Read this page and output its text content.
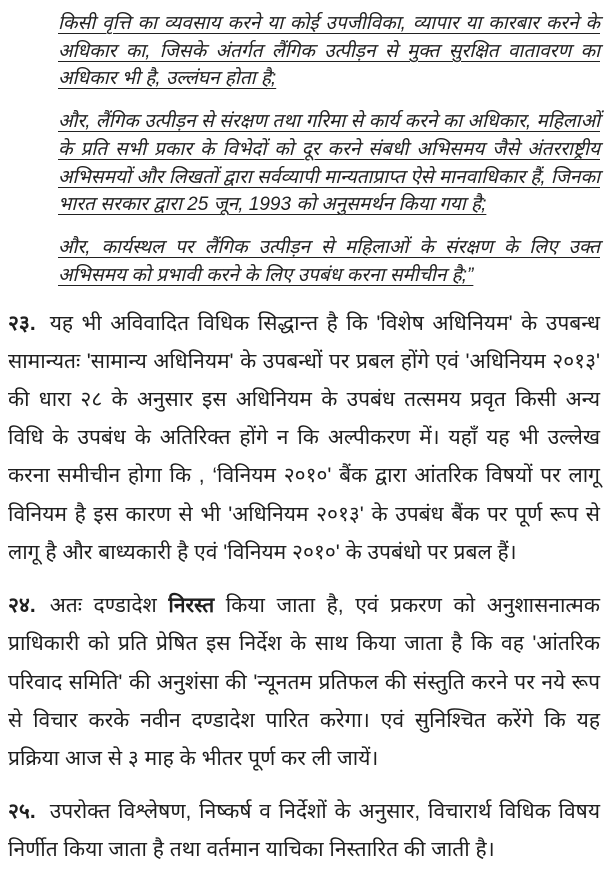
किसी वृत्ति का व्यवसाय करने या कोई उपजीविका, व्यापार या कारबार करने के अधिकार का, जिसके अंतर्गत लैंगिक उत्पीड़न से मुक्त सुरक्षित वातावरण का अधिकार भी है, उल्लंघन होता है;

और, लैंगिक उत्पीड़न से संरक्षण तथा गरिमा से कार्य करने का अधिकार, महिलाओं के प्रति सभी प्रकार के विभेदों को दूर करने संबधी अभिसमय जैसे अंतरराष्ट्रीय अभिसमयों और लिखतों द्वारा सर्वव्यापी मान्यताप्राप्त ऐसे मानवाधिकार हैं, जिनका भारत सरकार द्वारा 25 जून, 1993 को अनुसमर्थन किया गया है;

और, कार्यस्थल पर लैंगिक उत्पीड़न से महिलाओं के संरक्षण के लिए उक्त अभिसमय को प्रभावी करने के लिए उपबंध करना समीचीन है;”

२३. यह भी अविवादित विधिक सिद्धान्त है कि 'विशेष अधिनियम' के उपबन्ध सामान्यतः 'सामान्य अधिनियम' के उपबन्धों पर प्रबल होंगे एवं 'अधिनियम २०१३' की धारा २८ के अनुसार इस अधिनियम के उपबंध तत्समय प्रवृत किसी अन्य विधि के उपबंध के अतिरिक्त होंगे न कि अल्पीकरण में। यहाँ यह भी उल्लेख करना समीचीन होगा कि , ‘विनियम २०१०' बैंक द्वारा आंतरिक विषयों पर लागू विनियम है इस कारण से भी 'अधिनियम २०१३' के उपबंध बैंक पर पूर्ण रूप से लागू है और बाध्यकारी है एवं 'विनियम २०१०' के उपबंधो पर प्रबल हैं।

२४. अतः दण्डादेश निरस्त किया जाता है, एवं प्रकरण को अनुशासनात्मक प्राधिकारी को प्रति प्रेषित इस निर्देश के साथ किया जाता है कि वह 'आंतरिक परिवाद समिति' की अनुशंसा की 'न्यूनतम प्रतिफल की संस्तुति करने पर नये रूप से विचार करके नवीन दण्डादेश पारित करेगा। एवं सुनिश्चित करेंगे कि यह प्रक्रिया आज से ३ माह के भीतर पूर्ण कर ली जायें।

२५. उपरोक्त विश्लेषण, निष्कर्ष व निर्देशों के अनुसार, विचारार्थ विधिक विषय निर्णीत किया जाता है तथा वर्तमान याचिका निस्तारित की जाती है।
